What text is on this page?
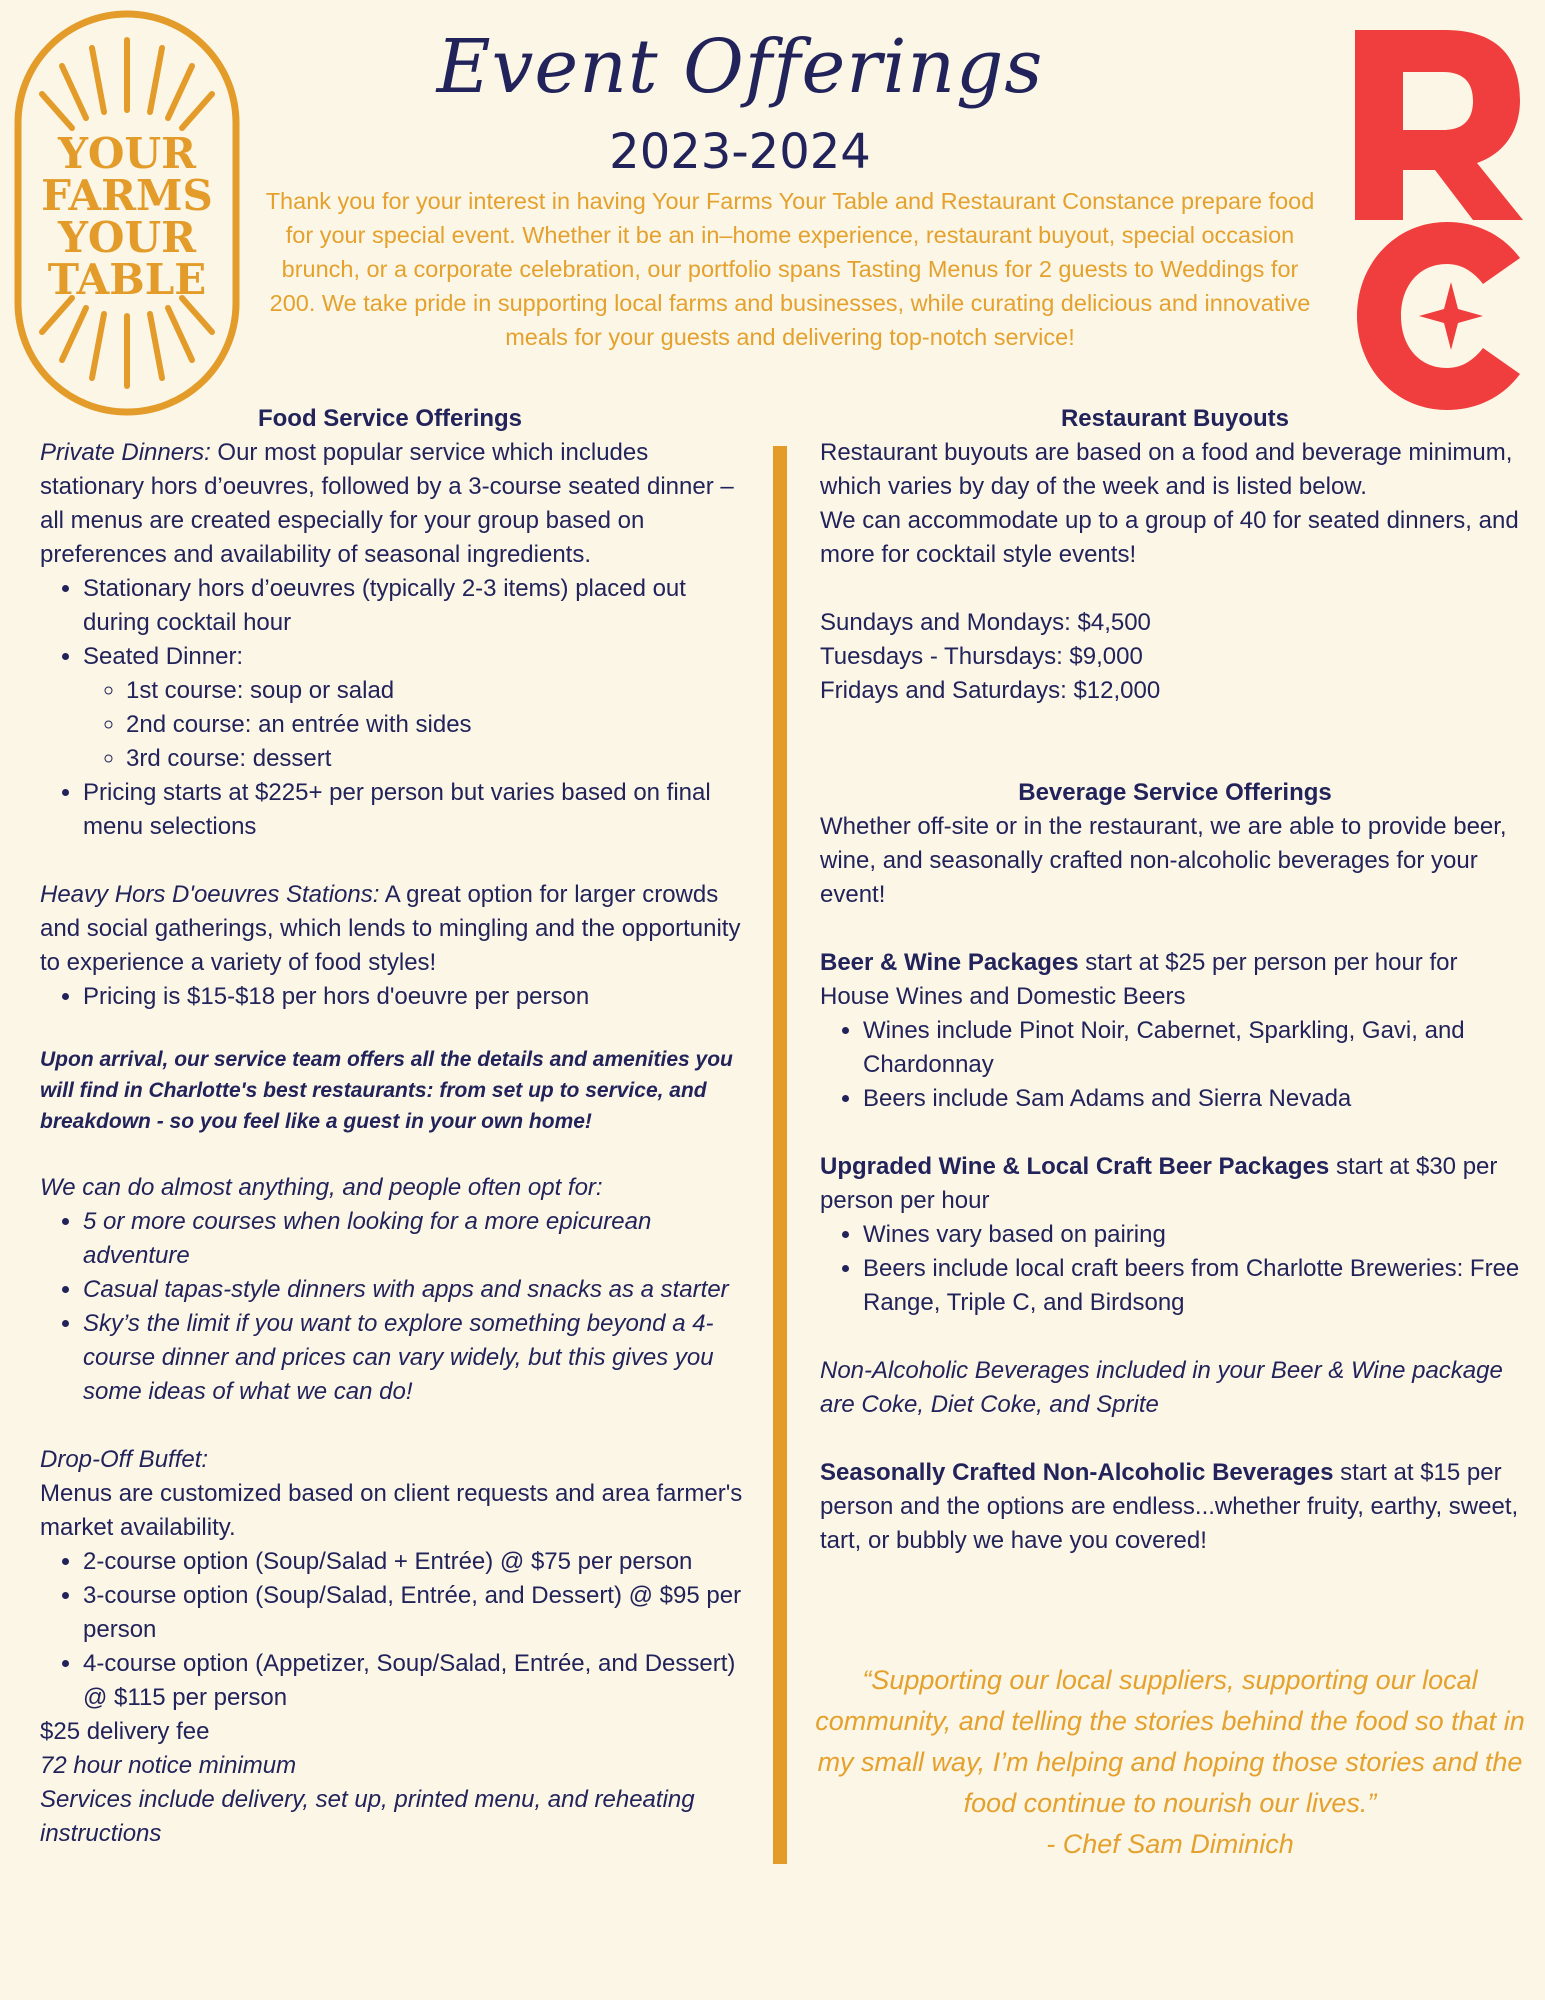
YOUR
FARMS
YOUR
TABLE
Event Offerings
2023-2024
Thank you for your interest in having Your Farms Your Table and Restaurant Constance prepare food for your special event. Whether it be an in–home experience, restaurant buyout, special occasion brunch, or a corporate celebration, our portfolio spans Tasting Menus for 2 guests to Weddings for 200. We take pride in supporting local farms and businesses, while curating delicious and innovative meals for your guests and delivering top-notch service!
Food Service Offerings

Private Dinners: Our most popular service which includes stationary hors d’oeuvres, followed by a 3-course seated dinner – all menus are created especially for your group based on preferences and availability of seasonal ingredients.

• Stationary hors d’oeuvres (typically 2-3 items) placed out during cocktail hour
• Seated Dinner:
◦ 1st course: soup or salad
◦ 2nd course: an entrée with sides
◦ 3rd course: dessert
• Pricing starts at $225+ per person but varies based on final menu selections

Heavy Hors D'oeuvres Stations: A great option for larger crowds and social gatherings, which lends to mingling and the opportunity to experience a variety of food styles!

• Pricing is $15-$18 per hors d'oeuvre per person

Upon arrival, our service team offers all the details and amenities you will find in Charlotte's best restaurants: from set up to service, and breakdown - so you feel like a guest in your own home!

We can do almost anything, and people often opt for:

• 5 or more courses when looking for a more epicurean adventure
• Casual tapas-style dinners with apps and snacks as a starter
• Sky’s the limit if you want to explore something beyond a 4-course dinner and prices can vary widely, but this gives you some ideas of what we can do!

Drop-Off Buffet:

Menus are customized based on client requests and area farmer's market availability.

• 2-course option (Soup/Salad + Entrée) @ $75 per person
• 3-course option (Soup/Salad, Entrée, and Dessert) @ $95 per person
• 4-course option (Appetizer, Soup/Salad, Entrée, and Dessert) @ $115 per person

$25 delivery fee

72 hour notice minimum

Services include delivery, set up, printed menu, and reheating instructions

Restaurant Buyouts

Restaurant buyouts are based on a food and beverage minimum, which varies by day of the week and is listed below.

We can accommodate up to a group of 40 for seated dinners, and more for cocktail style events!

Sundays and Mondays: $4,500

Tuesdays - Thursdays: $9,000

Fridays and Saturdays: $12,000

Beverage Service Offerings

Whether off-site or in the restaurant, we are able to provide beer, wine, and seasonally crafted non-alcoholic beverages for your event!

Beer & Wine Packages start at $25 per person per hour for House Wines and Domestic Beers

• Wines include Pinot Noir, Cabernet, Sparkling, Gavi, and Chardonnay
• Beers include Sam Adams and Sierra Nevada

Upgraded Wine & Local Craft Beer Packages start at $30 per person per hour

• Wines vary based on pairing
• Beers include local craft beers from Charlotte Breweries: Free Range, Triple C, and Birdsong

Non-Alcoholic Beverages included in your Beer & Wine package are Coke, Diet Coke, and Sprite

Seasonally Crafted Non-Alcoholic Beverages start at $15 per person and the options are endless...whether fruity, earthy, sweet, tart, or bubbly we have you covered!

“Supporting our local suppliers, supporting our local community, and telling the stories behind the food so that in my small way, I’m helping and hoping those stories and the food continue to nourish our lives.”
- Chef Sam Diminich
